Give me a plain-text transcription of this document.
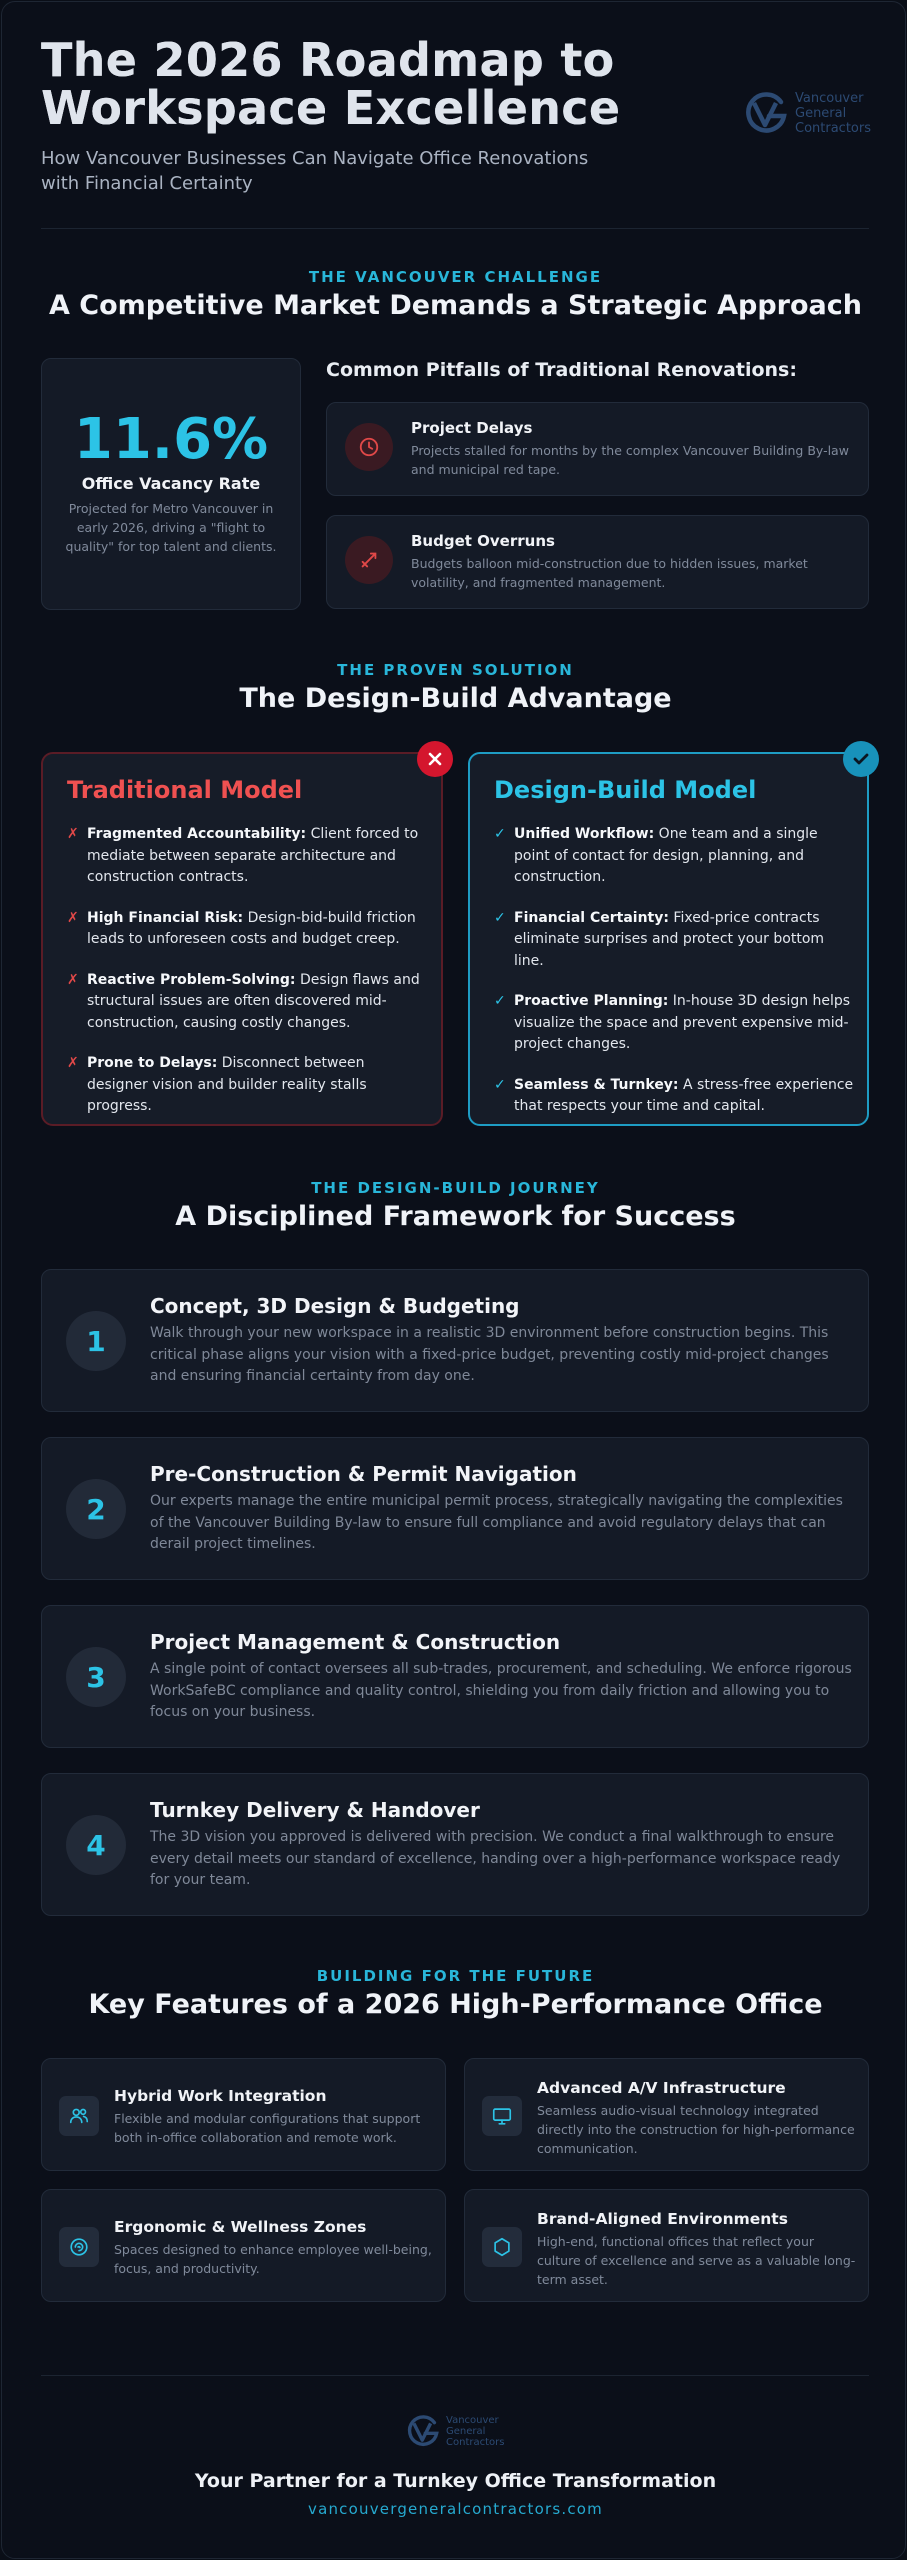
The 2026 Roadmap to
Workspace Excellence

How Vancouver Businesses Can Navigate Office Renovations with Financial Certainty

Vancouver
General
Contractors
THE VANCOUVER CHALLENGE
A Competitive Market Demands a Strategic Approach
11.6%
Office Vacancy Rate
Projected for Metro Vancouver in early 2026, driving a "flight to quality" for top talent and clients.
Common Pitfalls of Traditional Renovations:
Project Delays
Projects stalled for months by the complex Vancouver Building By-law and municipal red tape.
Budget Overruns
Budgets balloon mid-construction due to hidden issues, market volatility, and fragmented management.
THE PROVEN SOLUTION
The Design-Build Advantage
Traditional Model
✗ Fragmented Accountability: Client forced to mediate between separate architecture and construction contracts.
✗ High Financial Risk: Design-bid-build friction leads to unforeseen costs and budget creep.
✗ Reactive Problem-Solving: Design flaws and structural issues are often discovered mid-construction, causing costly changes.
✗ Prone to Delays: Disconnect between designer vision and builder reality stalls progress.
Design-Build Model
✓ Unified Workflow: One team and a single point of contact for design, planning, and construction.
✓ Financial Certainty: Fixed-price contracts eliminate surprises and protect your bottom line.
✓ Proactive Planning: In-house 3D design helps visualize the space and prevent expensive mid-project changes.
✓ Seamless & Turnkey: A stress-free experience that respects your time and capital.
THE DESIGN-BUILD JOURNEY
A Disciplined Framework for Success
1
Concept, 3D Design & Budgeting
Walk through your new workspace in a realistic 3D environment before construction begins. This critical phase aligns your vision with a fixed-price budget, preventing costly mid-project changes and ensuring financial certainty from day one.
2
Pre-Construction & Permit Navigation
Our experts manage the entire municipal permit process, strategically navigating the complexities of the Vancouver Building By-law to ensure full compliance and avoid regulatory delays that can derail project timelines.
3
Project Management & Construction
A single point of contact oversees all sub-trades, procurement, and scheduling. We enforce rigorous WorkSafeBC compliance and quality control, shielding you from daily friction and allowing you to focus on your business.
4
Turnkey Delivery & Handover
The 3D vision you approved is delivered with precision. We conduct a final walkthrough to ensure every detail meets our standard of excellence, handing over a high-performance workspace ready for your team.
BUILDING FOR THE FUTURE
Key Features of a 2026 High-Performance Office
Hybrid Work Integration
Flexible and modular configurations that support both in-office collaboration and remote work.
Advanced A/V Infrastructure
Seamless audio-visual technology integrated directly into the construction for high-performance communication.
Ergonomic & Wellness Zones
Spaces designed to enhance employee well-being, focus, and productivity.
Brand-Aligned Environments
High-end, functional offices that reflect your culture of excellence and serve as a valuable long-term asset.
Vancouver
General
Contractors
Your Partner for a Turnkey Office Transformation
vancouvergeneralcontractors.com
